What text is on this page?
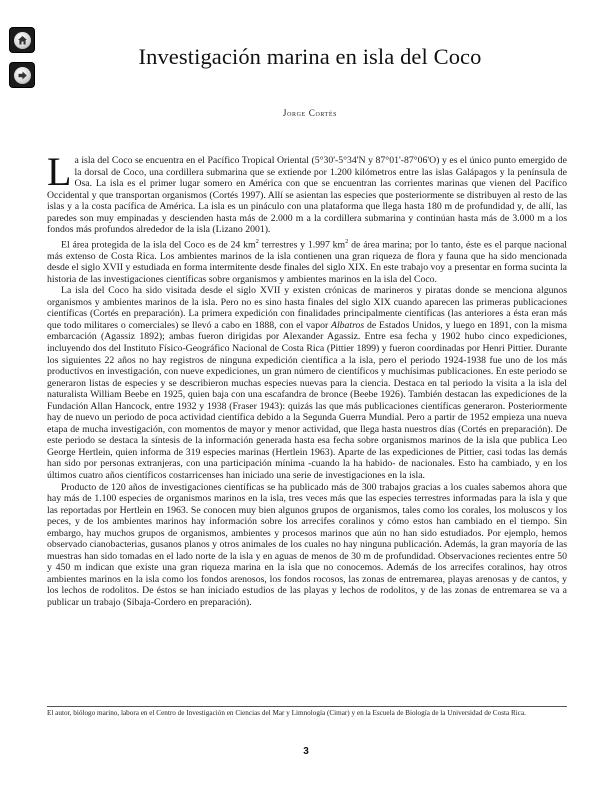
Investigación marina en isla del Coco
Jorge Cortés

La isla del Coco se encuentra en el Pacífico Tropical Oriental (5°30'-5°34'N y 87°01'-87°06'O) y es el único punto emergido de la dorsal de Coco, una cordillera submarina que se extiende por 1.200 kilómetros entre las islas Galápagos y la península de Osa. La isla es el primer lugar somero en América con que se encuentran las corrientes marinas que vienen del Pacífico Occidental y que transportan organismos (Cortés 1997). Allí se asientan las especies que posteriormente se distribuyen al resto de las islas y a la costa pacífica de América. La isla es un pináculo con una plataforma que llega hasta 180 m de profundidad y, de allí, las paredes son muy empinadas y descienden hasta más de 2.000 m a la cordillera submarina y continúan hasta más de 3.000 m a los fondos más profundos alrededor de la isla (Lizano 2001).

El área protegida de la isla del Coco es de 24 $km^2$ terrestres y 1.997 $km^2$ de área marina; por lo tanto, éste es el parque nacional más extenso de Costa Rica. Los ambientes marinos de la isla contienen una gran riqueza de flora y fauna que ha sido mencionada desde el siglo XVII y estudiada en forma intermitente desde finales del siglo XIX. En este trabajo voy a presentar en forma sucinta la historia de las investigaciones científicas sobre organismos y ambientes marinos en la isla del Coco.

La isla del Coco ha sido visitada desde el siglo XVII y existen crónicas de marineros y piratas donde se menciona algunos organismos y ambientes marinos de la isla. Pero no es sino hasta finales del siglo XIX cuando aparecen las primeras publicaciones científicas (Cortés en preparación). La primera expedición con finalidades principalmente científicas (las anteriores a ésta eran más que todo militares o comerciales) se llevó a cabo en 1888, con el vapor Albatros de Estados Unidos, y luego en 1891, con la misma embarcación (Agassiz 1892); ambas fueron dirigidas por Alexander Agassiz. Entre esa fecha y 1902 hubo cinco expediciones, incluyendo dos del Instituto Físico-Geográfico Nacional de Costa Rica (Pittier 1899) y fueron coordinadas por Henri Pittier. Durante los siguientes 22 años no hay registros de ninguna expedición científica a la isla, pero el periodo 1924-1938 fue uno de los más productivos en investigación, con nueve expediciones, un gran número de científicos y muchísimas publicaciones. En este periodo se generaron listas de especies y se describieron muchas especies nuevas para la ciencia. Destaca en tal periodo la visita a la isla del naturalista William Beebe en 1925, quien baja con una escafandra de bronce (Beebe 1926). También destacan las expediciones de la Fundación Allan Hancock, entre 1932 y 1938 (Fraser 1943): quizás las que más publicaciones científicas generaron. Posteriormente hay de nuevo un periodo de poca actividad científica debido a la Segunda Guerra Mundial. Pero a partir de 1952 empieza una nueva etapa de mucha investigación, con momentos de mayor y menor actividad, que llega hasta nuestros días (Cortés en preparación). De este periodo se destaca la síntesis de la información generada hasta esa fecha sobre organismos marinos de la isla que publica Leo George Hertlein, quien informa de 319 especies marinas (Hertlein 1963). Aparte de las expediciones de Pittier, casi todas las demás han sido por personas extranjeras, con una participación mínima -cuando la ha habido- de nacionales. Esto ha cambiado, y en los últimos cuatro años científicos costarricenses han iniciado una serie de investigaciones en la isla.

Producto de 120 años de investigaciones científicas se ha publicado más de 300 trabajos gracias a los cuales sabemos ahora que hay más de 1.100 especies de organismos marinos en la isla, tres veces más que las especies terrestres informadas para la isla y que las reportadas por Hertlein en 1963. Se conocen muy bien algunos grupos de organismos, tales como los corales, los moluscos y los peces, y de los ambientes marinos hay información sobre los arrecifes coralinos y cómo estos han cambiado en el tiempo. Sin embargo, hay muchos grupos de organismos, ambientes y procesos marinos que aún no han sido estudiados. Por ejemplo, hemos observado cianobacterias, gusanos planos y otros animales de los cuales no hay ninguna publicación. Además, la gran mayoría de las muestras han sido tomadas en el lado norte de la isla y en aguas de menos de 30 m de profundidad. Observaciones recientes entre 50 y 450 m indican que existe una gran riqueza marina en la isla que no conocemos. Además de los arrecifes coralinos, hay otros ambientes marinos en la isla como los fondos arenosos, los fondos rocosos, las zonas de entremarea, playas arenosas y de cantos, y los lechos de rodolitos. De éstos se han iniciado estudios de las playas y lechos de rodolitos, y de las zonas de entremarea se va a publicar un trabajo (Sibaja-Cordero en preparación).

El autor, biólogo marino, labora en el Centro de Investigación en Ciencias del Mar y Limnología (Cimar) y en la Escuela de Biología de la Universidad de Costa Rica.
3
